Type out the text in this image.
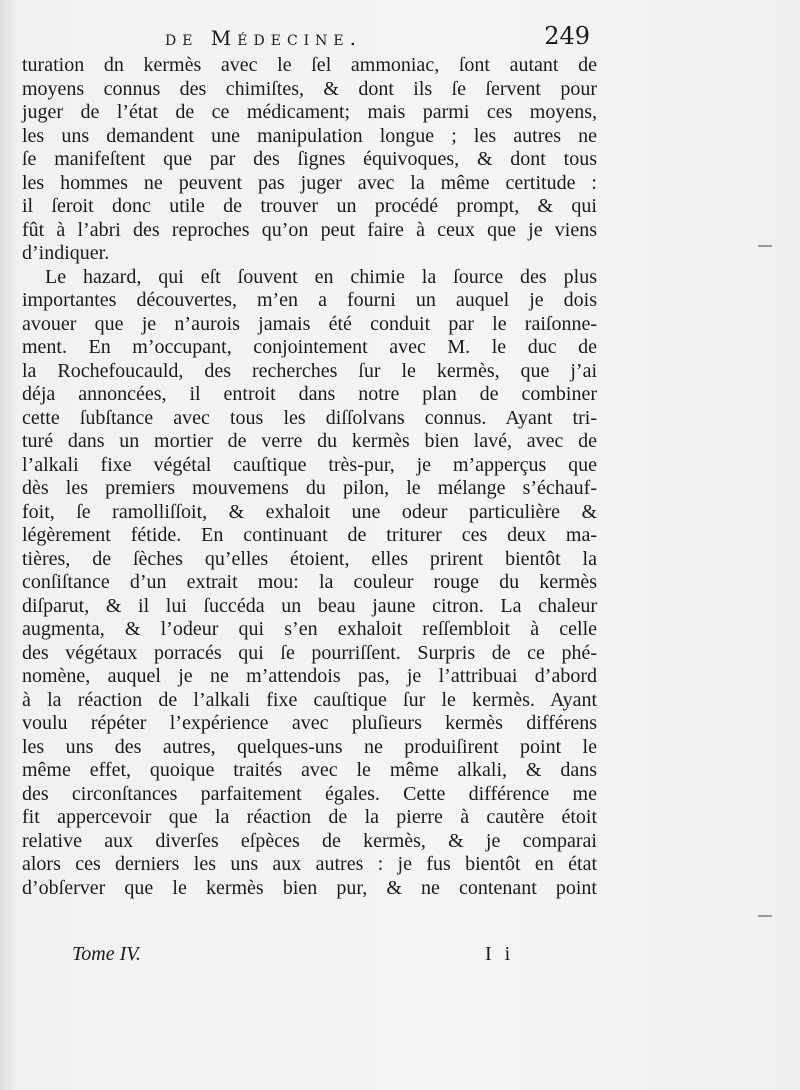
de Médecine.	249
turation dn kermès avec le ſel ammoniac, ſont autant de
moyens connus des chimiſtes, & dont ils ſe ſervent pour
juger de l’état de ce médicament; mais parmi ces moyens,
les uns demandent une manipulation longue ; les autres ne
ſe manifeſtent que par des ſignes équivoques, & dont tous
les hommes ne peuvent pas juger avec la même certitude :
il ſeroit donc utile de trouver un procédé prompt, & qui
fût à l’abri des reproches qu’on peut faire à ceux que je viens
d’indiquer.
Le hazard, qui eſt ſouvent en chimie la ſource des plus
importantes découvertes, m’en a fourni un auquel je dois
avouer que je n’aurois jamais été conduit par le raiſonne-
ment. En m’occupant, conjointement avec M. le duc de
la Rochefoucauld, des recherches ſur le kermès, que j’ai
déja annoncées, il entroit dans notre plan de combiner
cette ſubſtance avec tous les diſſolvans connus. Ayant tri-
turé dans un mortier de verre du kermès bien lavé, avec de
l’alkali fixe végétal cauſtique très-pur, je m’apperçus que
dès les premiers mouvemens du pilon, le mélange s’échauf-
foit, ſe ramolliſſoit, & exhaloit une odeur particulière &
légèrement fétide. En continuant de triturer ces deux ma-
tières, de ſèches qu’elles étoient, elles prirent bientôt la
conſiſtance d’un extrait mou: la couleur rouge du kermès
diſparut, & il lui ſuccéda un beau jaune citron. La chaleur
augmenta, & l’odeur qui s’en exhaloit reſſembloit à celle
des végétaux porracés qui ſe pourriſſent. Surpris de ce phé-
nomène, auquel je ne m’attendois pas, je l’attribuai d’abord
à la réaction de l’alkali fixe cauſtique ſur le kermès. Ayant
voulu répéter l’expérience avec pluſieurs kermès différens
les uns des autres, quelques-uns ne produiſirent point le
même effet, quoique traités avec le même alkali, & dans
des circonſtances parfaitement égales. Cette différence me
fit appercevoir que la réaction de la pierre à cautère étoit
relative aux diverſes eſpèces de kermès, & je comparai
alors ces derniers les uns aux autres : je fus bientôt en état
d’obſerver que le kermès bien pur, & ne contenant point
Tome IV.	I i
